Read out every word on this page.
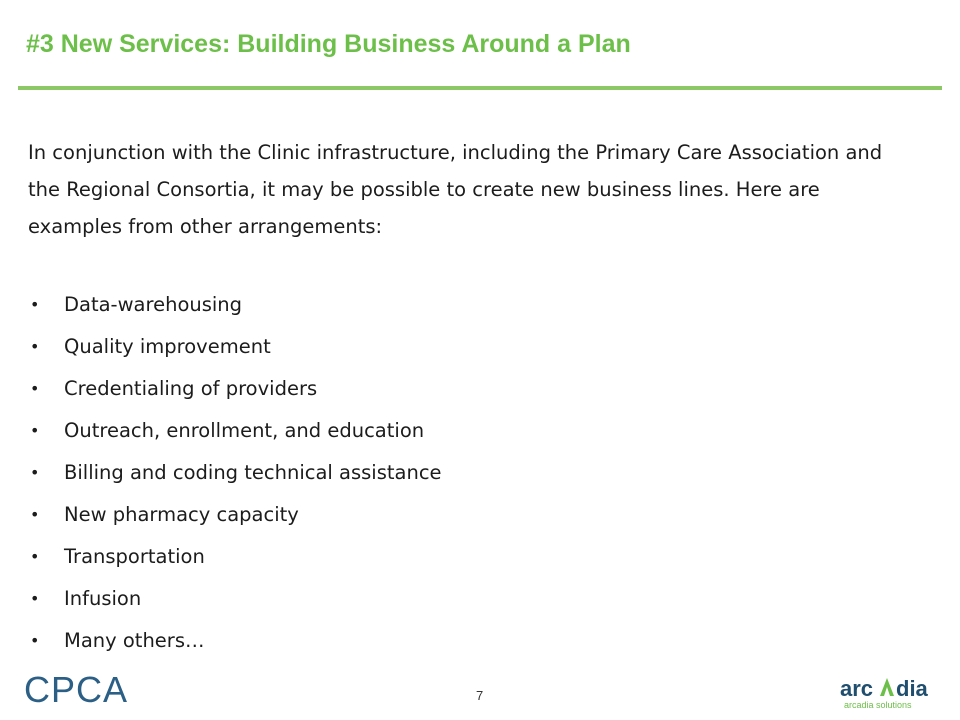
#3 New Services: Building Business Around a Plan
In conjunction with the Clinic infrastructure, including the Primary Care Association and the Regional Consortia, it may be possible to create new business lines. Here are examples from other arrangements:
• Data-warehousing
• Quality improvement
• Credentialing of providers
• Outreach, enrollment, and education
• Billing and coding technical assistance
• New pharmacy capacity
• Transportation
• Infusion
• Many others…
CPCA	7	arc dia
arcadia solutions
